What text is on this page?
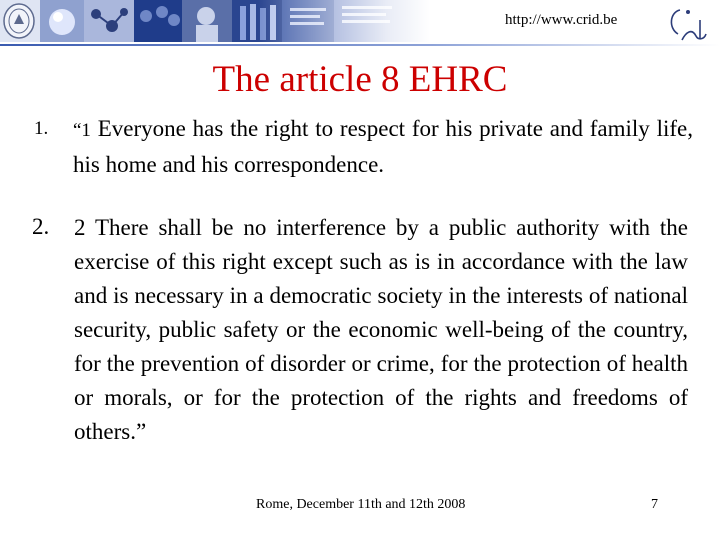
http://www.crid.be
The article 8 EHRC
1. “1 Everyone has the right to respect for his private and family life, his home and his correspondence.
2. 2 There shall be no interference by a public authority with the exercise of this right except such as is in accordance with the law and is necessary in a democratic society in the interests of national security, public safety or the economic well-being of the country, for the prevention of disorder or crime, for the protection of health or morals, or for the protection of the rights and freedoms of others.”
Rome, December 11th and 12th 2008	7
